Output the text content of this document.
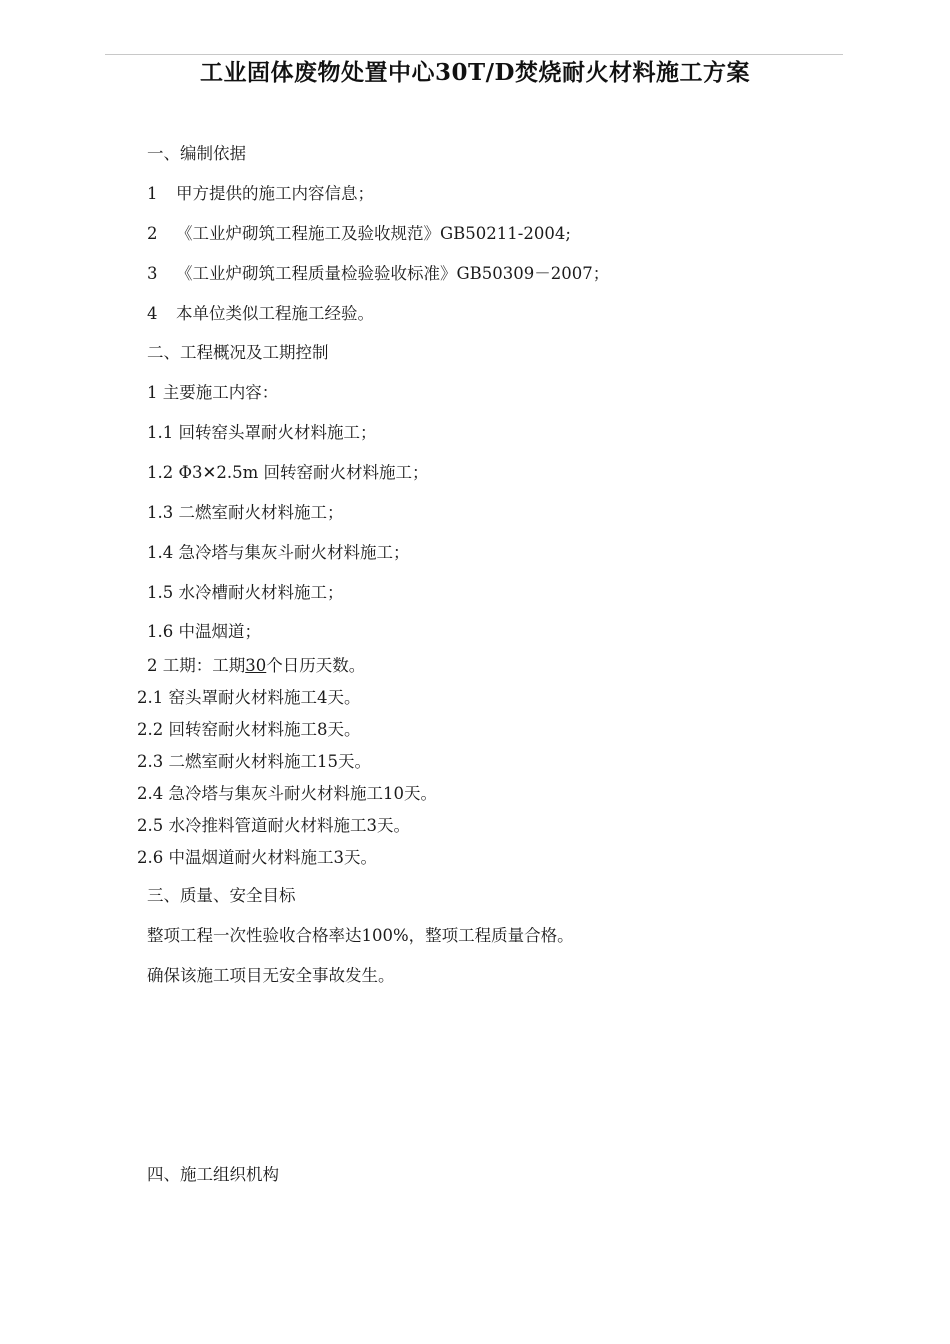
工业固体废物处置中心30T/D焚烧耐火材料施工方案
一、编制依据
1 甲方提供的施工内容信息；
2 《工业炉砌筑工程施工及验收规范》GB50211-2004;
3 《工业炉砌筑工程质量检验验收标准》GB50309－2007；
4 本单位类似工程施工经验。
二、工程概况及工期控制
1 主要施工内容：
1.1 回转窑头罩耐火材料施工；
1.2 Φ3✕2.5m 回转窑耐火材料施工；
1.3 二燃室耐火材料施工；
1.4 急冷塔与集灰斗耐火材料施工；
1.5 水冷槽耐火材料施工；
1.6 中温烟道；
2 工期：工期30个日历天数。
2.1 窑头罩耐火材料施工4天。
2.2 回转窑耐火材料施工8天。
2.3 二燃室耐火材料施工15天。
2.4 急冷塔与集灰斗耐火材料施工10天。
2.5 水冷推料管道耐火材料施工3天。
2.6 中温烟道耐火材料施工3天。
三、质量、安全目标
整项工程一次性验收合格率达100%，整项工程质量合格。
确保该施工项目无安全事故发生。
四、施工组织机构
